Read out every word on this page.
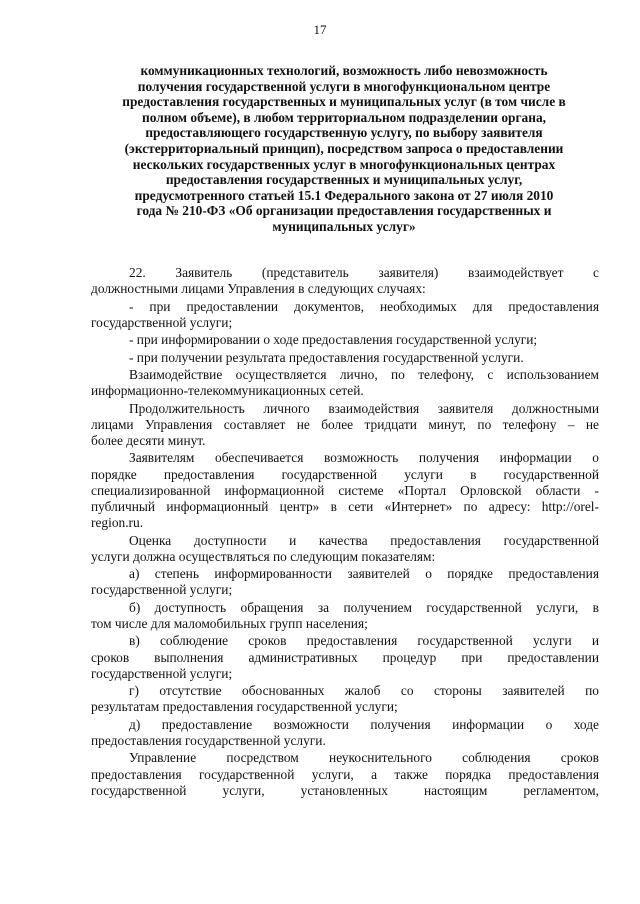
17
коммуникационных технологий, возможность либо невозможность
получения государственной услуги в многофункциональном центре
предоставления государственных и муниципальных услуг (в том числе в
полном объеме), в любом территориальном подразделении органа,
предоставляющего государственную услугу, по выбору заявителя
(экстерриториальный принцип), посредством запроса о предоставлении
нескольких государственных услуг в многофункциональных центрах
предоставления государственных и муниципальных услуг,
предусмотренного статьей 15.1 Федерального закона от 27 июля 2010
года № 210-ФЗ «Об организации предоставления государственных и
муниципальных услуг»
22. Заявитель (представитель заявителя) взаимодействует с
должностными лицами Управления в следующих случаях:
- при предоставлении документов, необходимых для предоставления
государственной услуги;
- при информировании о ходе предоставления государственной услуги;
- при получении результата предоставления государственной услуги.
Взаимодействие осуществляется лично, по телефону, с использованием
информационно-телекоммуникационных сетей.
Продолжительность личного взаимодействия заявителя должностными
лицами Управления составляет не более тридцати минут, по телефону – не
более десяти минут.
Заявителям обеспечивается возможность получения информации о
порядке предоставления государственной услуги в государственной
специализированной информационной системе «Портал Орловской области -
публичный информационный центр» в сети «Интернет» по адресу: http://orel-
region.ru.
Оценка доступности и качества предоставления государственной
услуги должна осуществляться по следующим показателям:
а) степень информированности заявителей о порядке предоставления
государственной услуги;
б) доступность обращения за получением государственной услуги, в
том числе для маломобильных групп населения;
в) соблюдение сроков предоставления государственной услуги и
сроков выполнения административных процедур при предоставлении
государственной услуги;
г) отсутствие обоснованных жалоб со стороны заявителей по
результатам предоставления государственной услуги;
д) предоставление возможности получения информации о ходе
предоставления государственной услуги.
Управление посредством неукоснительного соблюдения сроков
предоставления государственной услуги, а также порядка предоставления
государственной услуги, установленных настоящим регламентом,
